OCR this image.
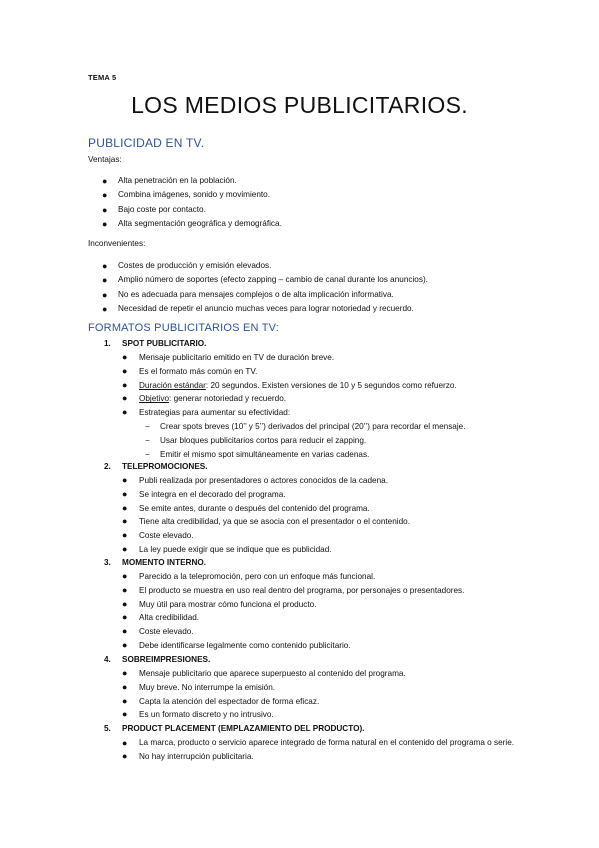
TEMA 5
LOS MEDIOS PUBLICITARIOS.
PUBLICIDAD EN TV.
Ventajas:
● Alta penetración en la población.
● Combina imágenes, sonido y movimiento.
● Bajo coste por contacto.
● Alta segmentación geográfica y demográfica.
Inconvenientes:
● Costes de producción y emisión elevados.
● Amplio número de soportes (efecto zapping – cambio de canal durante los anuncios).
● No es adecuada para mensajes complejos o de alta implicación informativa.
● Necesidad de repetir el anuncio muchas veces para lograr notoriedad y recuerdo.
FORMATOS PUBLICITARIOS EN TV:
1. SPOT PUBLICITARIO.
● Mensaje publicitario emitido en TV de duración breve.
● Es el formato más común en TV.
● Duración estándar: 20 segundos. Existen versiones de 10 y 5 segundos como refuerzo.
● Objetivo: generar notoriedad y recuerdo.
● Estrategias para aumentar su efectividad:
− Crear spots breves (10’’ y 5’’) derivados del principal (20’’) para recordar el mensaje.
− Usar bloques publicitarios cortos para reducir el zapping.
− Emitir el mismo spot simultáneamente en varias cadenas.
2. TELEPROMOCIONES.
● Publi realizada por presentadores o actores conocidos de la cadena.
● Se integra en el decorado del programa.
● Se emite antes, durante o después del contenido del programa.
● Tiene alta credibilidad, ya que se asocia con el presentador o el contenido.
● Coste elevado.
● La ley puede exigir que se indique que es publicidad.
3. MOMENTO INTERNO.
● Parecido a la telepromoción, pero con un enfoque más funcional.
● El producto se muestra en uso real dentro del programa, por personajes o presentadores.
● Muy útil para mostrar cómo funciona el producto.
● Alta credibilidad.
● Coste elevado.
● Debe identificarse legalmente como contenido publicitario.
4. SOBREIMPRESIONES.
● Mensaje publicitario que aparece superpuesto al contenido del programa.
● Muy breve. No interrumpe la emisión.
● Capta la atención del espectador de forma eficaz.
● Es un formato discreto y no intrusivo.
5. PRODUCT PLACEMENT (EMPLAZAMIENTO DEL PRODUCTO).
● La marca, producto o servicio aparece integrado de forma natural en el contenido del programa o serie.
● No hay interrupción publicitaria.
